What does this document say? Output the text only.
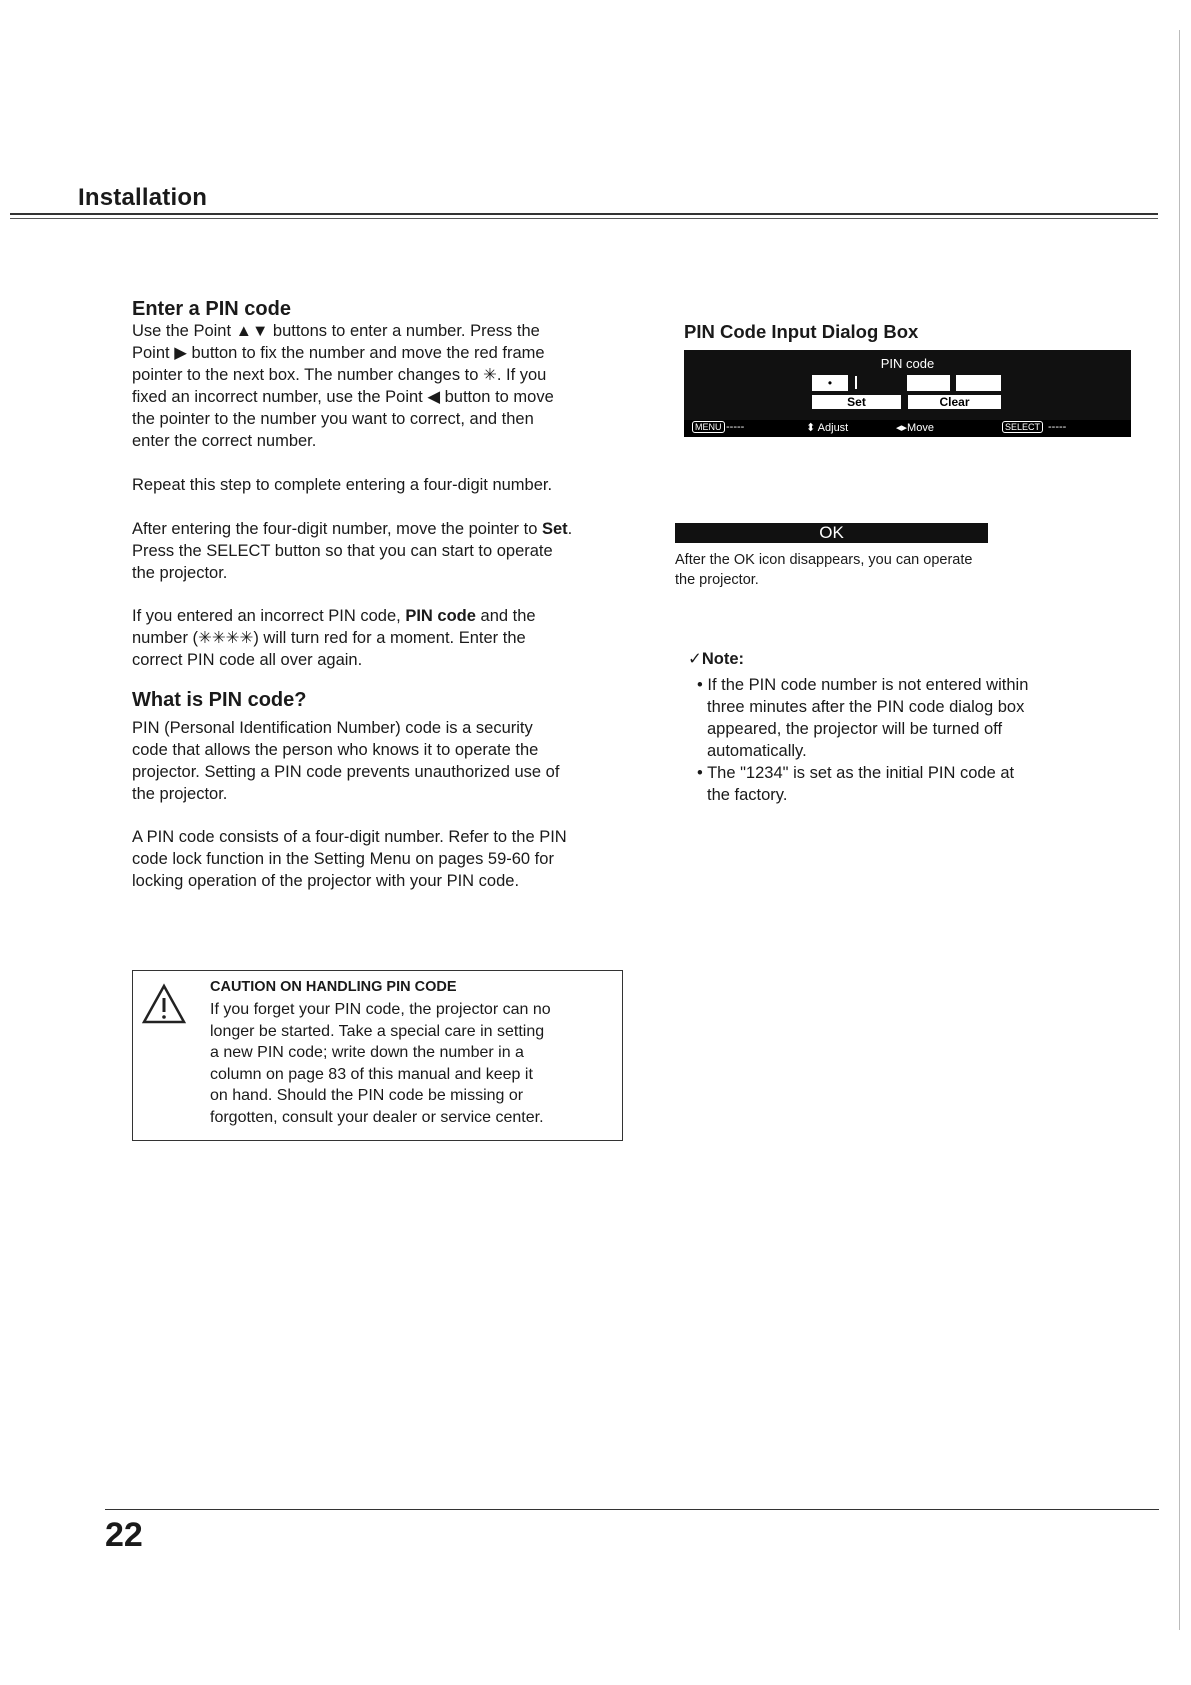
Installation
Enter a PIN code
Use the Point ▲▼ buttons to enter a number. Press the
Point ▶ button to fix the number and move the red frame
pointer to the next box. The number changes to ✳. If you
fixed an incorrect number, use the Point ◀ button to move
the pointer to the number you want to correct, and then
enter the correct number.
Repeat this step to complete entering a four-digit number.
After entering the four-digit number, move the pointer to Set.
Press the SELECT button so that you can start to operate
the projector.
If you entered an incorrect PIN code, PIN code and the
number (✳✳✳✳) will turn red for a moment. Enter the
correct PIN code all over again.
What is PIN code?
PIN (Personal Identification Number) code is a security
code that allows the person who knows it to operate the
projector. Setting a PIN code prevents unauthorized use of
the projector.
A PIN code consists of a four-digit number. Refer to the PIN
code lock function in the Setting Menu on pages 59-60 for
locking operation of the projector with your PIN code.
CAUTION ON HANDLING PIN CODE
If you forget your PIN code, the projector can no
longer be started. Take a special care in setting
a new PIN code; write down the number in a
column on page 83 of this manual and keep it
on hand. Should the PIN code be missing or
forgotten, consult your dealer or service center.
PIN Code Input Dialog Box
PIN code
•
Set	Clear
MENU -----	⬍ Adjust	◂▸Move	SELECT -----
OK
After the OK icon disappears, you can operate
the projector.
✓Note:
• If the PIN code number is not entered within
three minutes after the PIN code dialog box
appeared, the projector will be turned off
automatically.
• The "1234" is set as the initial PIN code at
the factory.
22
